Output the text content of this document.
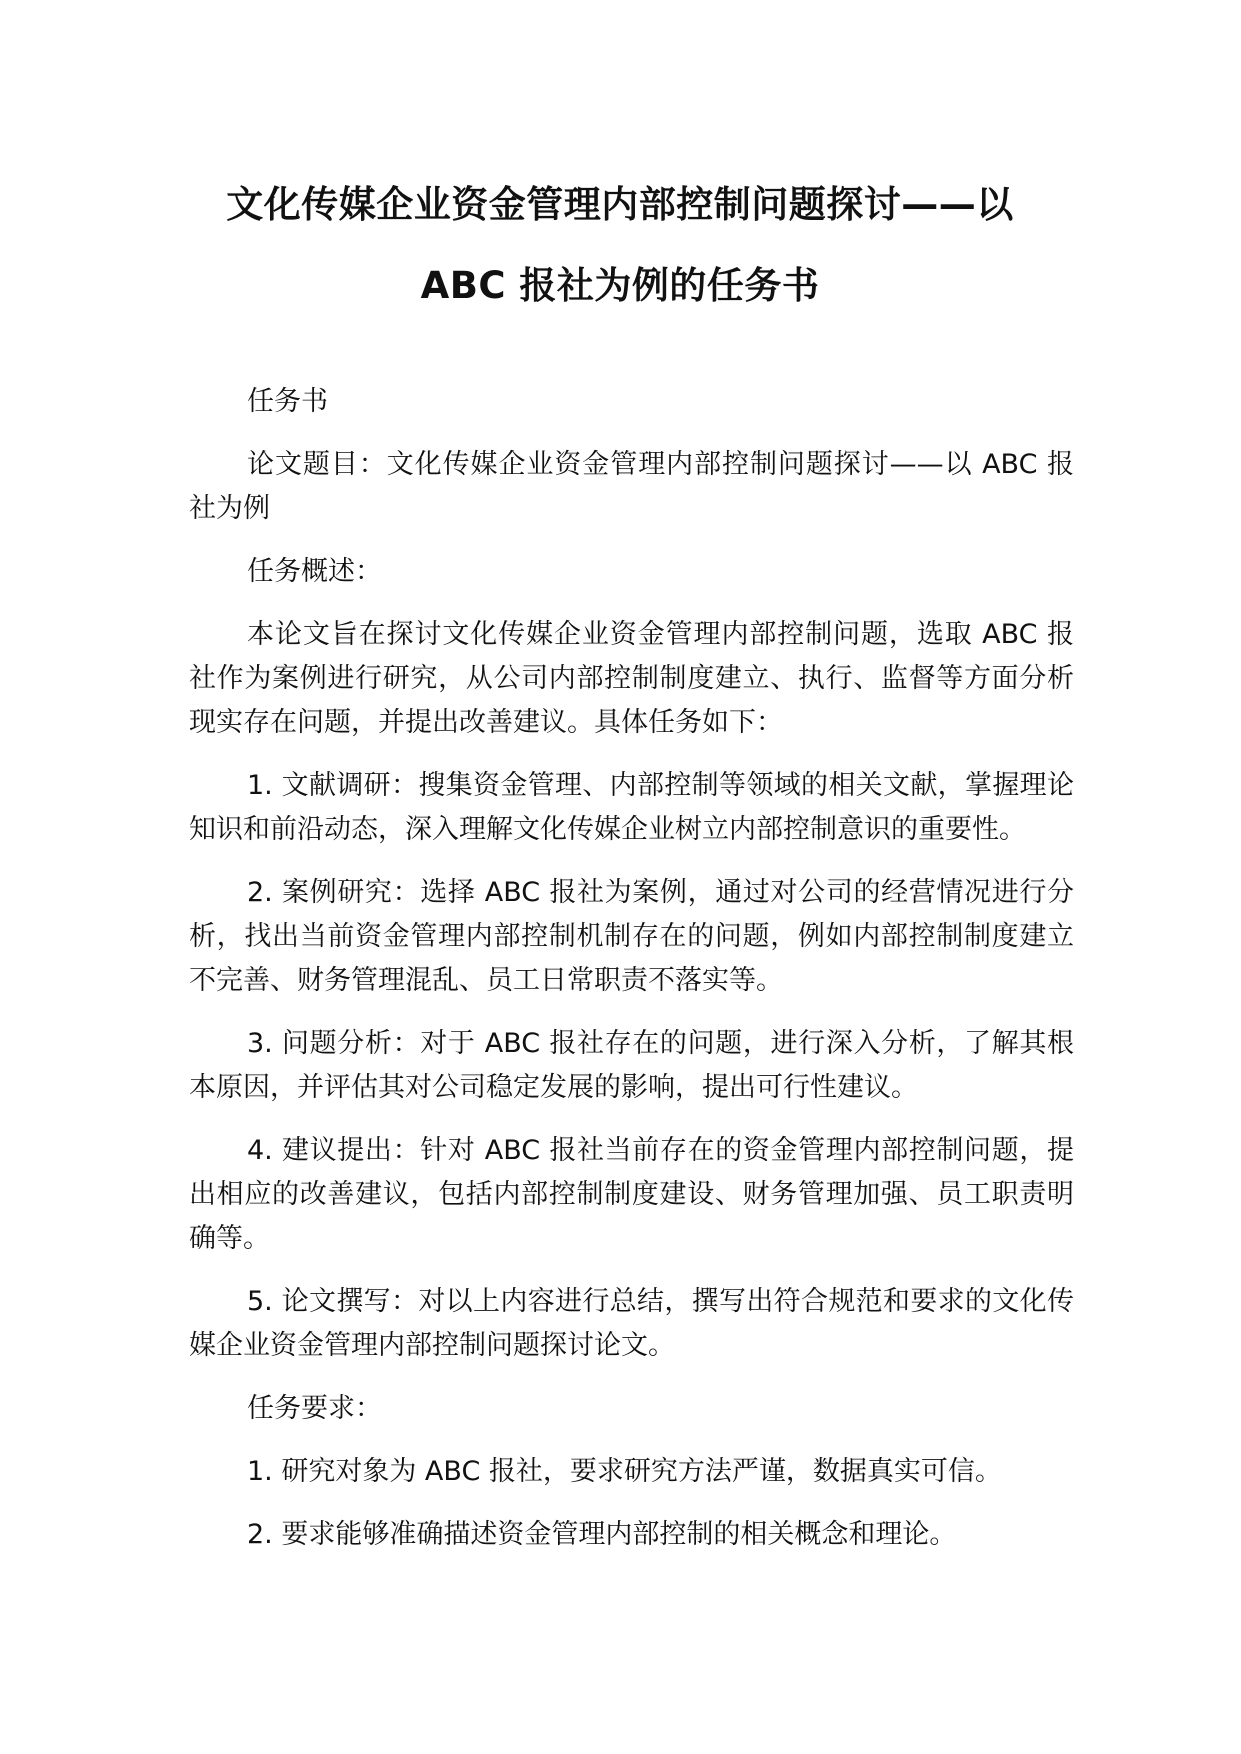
文化传媒企业资金管理内部控制问题探讨——以
ABC 报社为例的任务书

任务书

论文题目：文化传媒企业资金管理内部控制问题探讨——以 ABC 报社为例

任务概述：

本论文旨在探讨文化传媒企业资金管理内部控制问题，选取 ABC 报社作为案例进行研究，从公司内部控制制度建立、执行、监督等方面分析现实存在问题，并提出改善建议。具体任务如下：

1. 文献调研：搜集资金管理、内部控制等领域的相关文献，掌握理论知识和前沿动态，深入理解文化传媒企业树立内部控制意识的重要性。

2. 案例研究：选择 ABC 报社为案例，通过对公司的经营情况进行分析，找出当前资金管理内部控制机制存在的问题，例如内部控制制度建立不完善、财务管理混乱、员工日常职责不落实等。

3. 问题分析：对于 ABC 报社存在的问题，进行深入分析，了解其根本原因，并评估其对公司稳定发展的影响，提出可行性建议。

4. 建议提出：针对 ABC 报社当前存在的资金管理内部控制问题，提出相应的改善建议，包括内部控制制度建设、财务管理加强、员工职责明确等。

5. 论文撰写：对以上内容进行总结，撰写出符合规范和要求的文化传媒企业资金管理内部控制问题探讨论文。

任务要求：

1. 研究对象为 ABC 报社，要求研究方法严谨，数据真实可信。

2. 要求能够准确描述资金管理内部控制的相关概念和理论。
